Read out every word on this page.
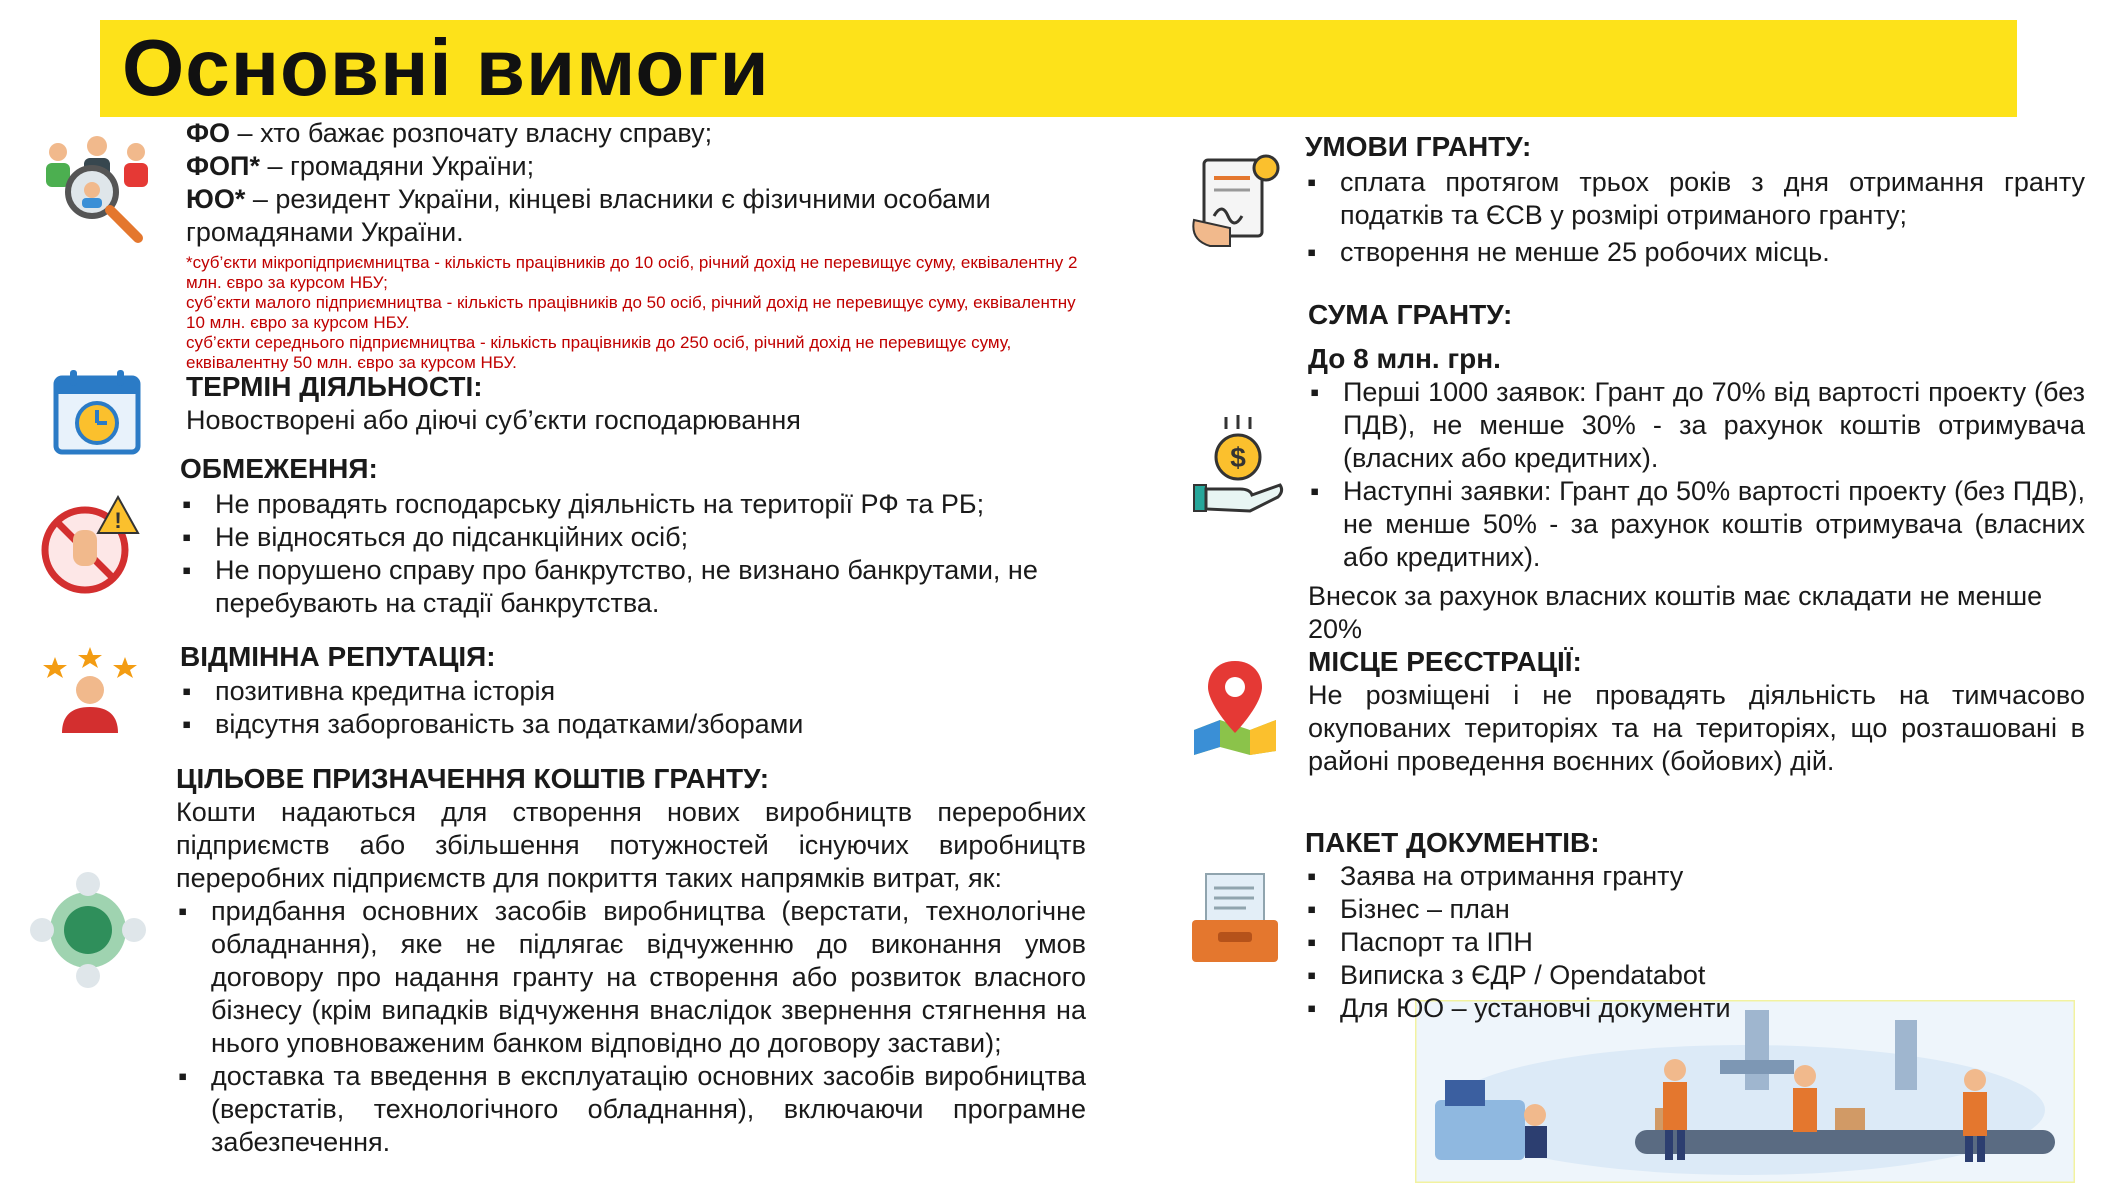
Основні вимоги
!
$
ФО – хто бажає розпочату власну справу;
ФОП* – громадяни України;
ЮО* – резидент України, кінцеві власники є фізичними особами громадянами України.
*суб’єкти мікропідприємництва - кількість працівників до 10 осіб, річний дохід не перевищує суму, еквівалентну 2 млн. євро за курсом НБУ;
суб’єкти малого підприємництва - кількість працівників до 50 осіб, річний дохід не перевищує суму, еквівалентну 10 млн. євро за курсом НБУ.
суб’єкти середнього підприємництва - кількість працівників до 250 осіб, річний дохід не перевищує суму, еквівалентну 50 млн. євро за курсом НБУ.
ТЕРМІН ДІЯЛЬНОСТІ:
Новостворені або діючі суб’єкти господарювання
ОБМЕЖЕННЯ:
▪ Не провадять господарську діяльність на території РФ та РБ;
▪ Не відносяться до підсанкційних осіб;
▪ Не порушено справу про банкрутство, не визнано банкрутами, не перебувають на стадії банкрутства.
ВІДМІННА РЕПУТАЦІЯ:
▪ позитивна кредитна історія
▪ відсутня заборгованість за податками/зборами
ЦІЛЬОВЕ ПРИЗНАЧЕННЯ КОШТІВ ГРАНТУ:
Кошти надаються для створення нових виробництв переробних підприємств або збільшення потужностей існуючих виробництв переробних підприємств для покриття таких напрямків витрат, як:
▪ придбання основних засобів виробництва (верстати, технологічне обладнання), яке не підлягає відчуженню до виконання умов договору про надання гранту на створення або розвиток власного бізнесу (крім випадків відчуження внаслідок звернення стягнення на нього уповноваженим банком відповідно до договору застави);
▪ доставка та введення в експлуатацію основних засобів виробництва (верстатів, технологічного обладнання), включаючи програмне забезпечення.
УМОВИ ГРАНТУ:
▪ сплата протягом трьох років з дня отримання гранту податків та ЄСВ у розмірі отриманого гранту;
▪ створення не менше 25 робочих місць.
СУМА ГРАНТУ:
До 8 млн. грн.
▪ Перші 1000 заявок: Грант до 70% від вартості проекту (без ПДВ), не менше 30% - за рахунок коштів отримувача (власних або кредитних).
▪ Наступні заявки: Грант до 50% вартості проекту (без ПДВ), не менше 50% - за рахунок коштів отримувача (власних або кредитних).
Внесок за рахунок власних коштів має складати не менше 20%
МІСЦЕ РЕЄСТРАЦІЇ:
Не розміщені і не провадять діяльність на тимчасово окупованих територіях та на територіях, що розташовані в районі проведення воєнних (бойових) дій.
ПАКЕТ ДОКУМЕНТІВ:
▪ Заява на отримання гранту
▪ Бізнес – план
▪ Паспорт та ІПН
▪ Виписка з ЄДР / Opendatabot
▪ Для ЮО – установчі документи
